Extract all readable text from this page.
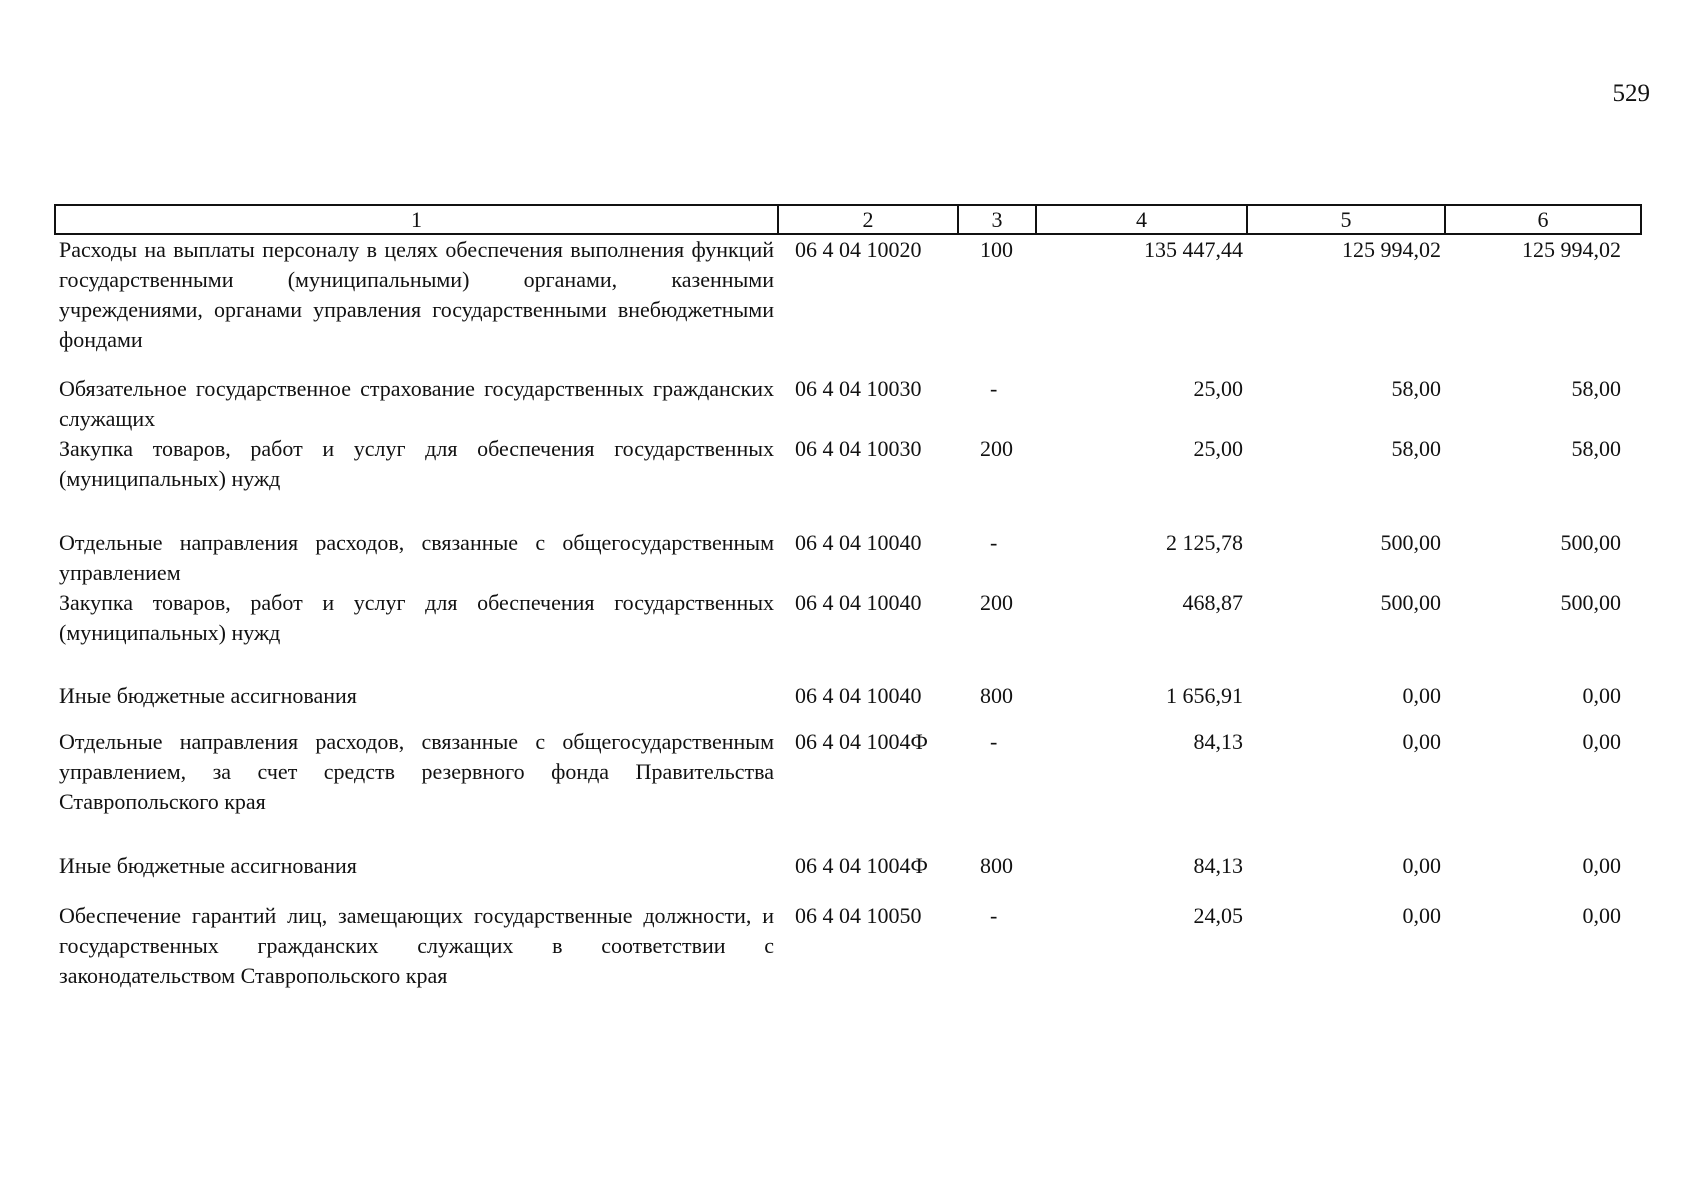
529
1	2	3	4	5	6
Расходы на выплаты персоналу в целях обеспечения выполнения функций государственными (муниципальными) органами, казенными учреждениями, органами управления государственными внебюджетными фондами	06 4 04 10020	100	135 447,44	125 994,02	125 994,02
Обязательное государственное страхование государственных гражданских служащих	06 4 04 10030	-	25,00	58,00	58,00
Закупка товаров, работ и услуг для обеспечения государственных (муниципальных) нужд	06 4 04 10030	200	25,00	58,00	58,00
Отдельные направления расходов, связанные с общегосударственным управлением	06 4 04 10040	-	2 125,78	500,00	500,00
Закупка товаров, работ и услуг для обеспечения государственных (муниципальных) нужд	06 4 04 10040	200	468,87	500,00	500,00
Иные бюджетные ассигнования	06 4 04 10040	800	1 656,91	0,00	0,00
Отдельные направления расходов, связанные с общегосударственным управлением, за счет средств резервного фонда Правительства Ставропольского края	06 4 04 1004Ф	-	84,13	0,00	0,00
Иные бюджетные ассигнования	06 4 04 1004Ф	800	84,13	0,00	0,00
Обеспечение гарантий лиц, замещающих государственные должности, и государственных гражданских служащих в соответствии с законодательством Ставропольского края	06 4 04 10050	-	24,05	0,00	0,00
